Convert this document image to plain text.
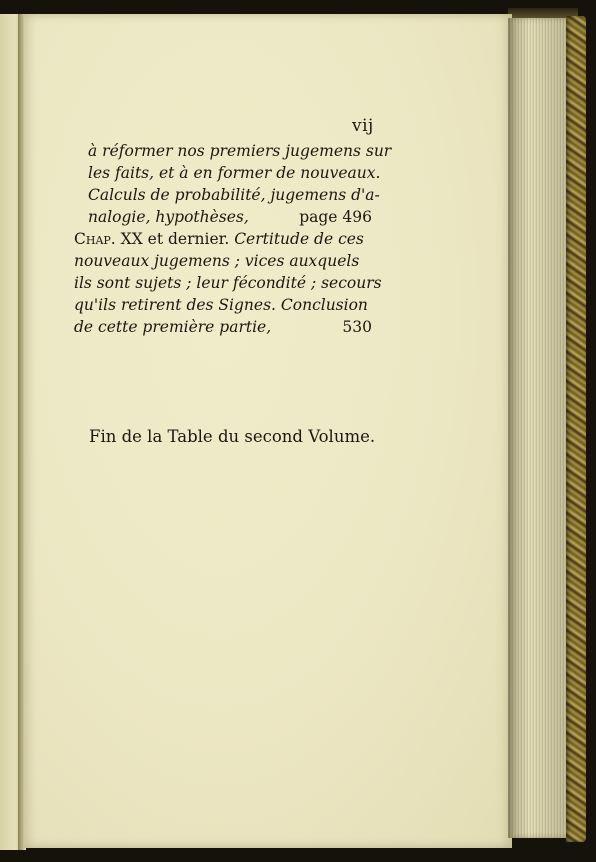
vij
à réformer nos premiers jugemens sur
les faits, et à en former de nouveaux.
Calculs de probabilité, jugemens d'a-
nalogie, hypothèses,	page 496
Chap. XX et dernier. Certitude de ces
nouveaux jugemens ; vices auxquels
ils sont sujets ; leur fécondité ; secours
qu'ils retirent des Signes. Conclusion
de cette première partie,	530
Fin de la Table du second Volume.
